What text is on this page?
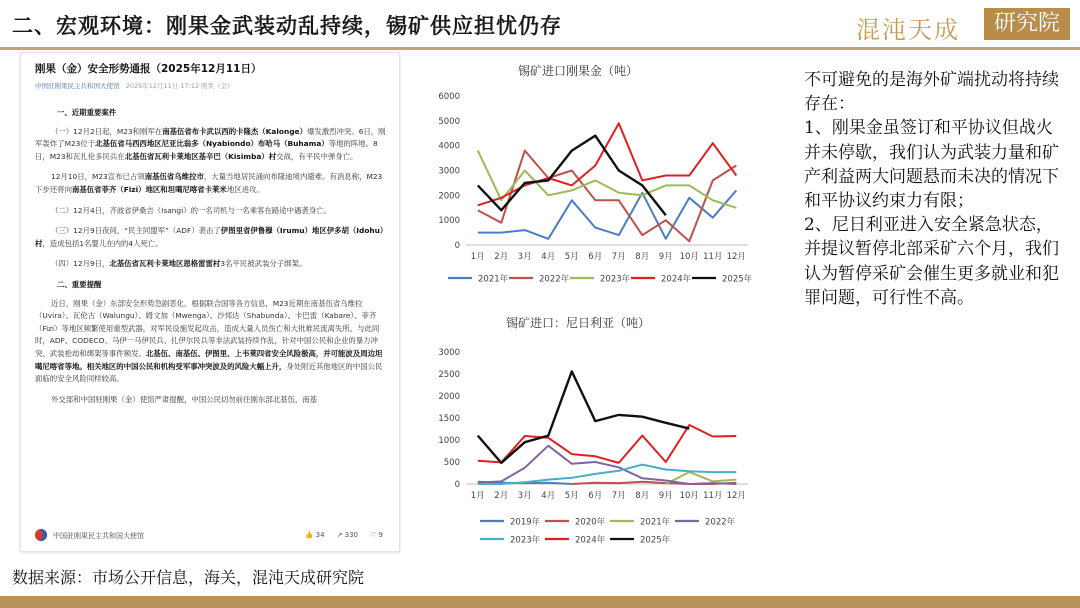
二、宏观环境：刚果金武装动乱持续，锡矿供应担忧仍存	混沌天成	研究院
刚果（金）安全形势通报（2025年12月11日）
中国驻刚果民主共和国大使馆 2025年12月11日 17:12 刚果（金）
一、近期重要案件

（一）12月2日起，M23和刚军在南基伍省布卡武以西的卡隆杰（Kalonge）爆发激烈冲突。6日，刚军轰炸了M23位于北基伍省马西西地区尼亚比翁多（Nyabiondo）布哈马（Buhama）等地的阵地。8日，M23和瓦扎伦多民兵在北基伍省瓦利卡莱地区基辛巴（Kisimba）村交战，有平民中弹身亡。

12月10日，M23宣布已占领南基伍省乌维拉市，大量当地居民涌向布隆迪境内避难。有消息称，M23下步还将向南基伍省菲齐（Fizi）地区和坦噶尼喀省卡莱米地区进攻。

（二）12月4日，齐波省伊桑吉（Isangi）的一名司机与一名乘客在路途中遇袭身亡。

（三）12月9日夜间，“民主同盟军”（ADF）袭击了伊图里省伊鲁穆（Irumu）地区伊多胡（Idohu）村，造成包括1名婴儿在内的4人死亡。

（四）12月9日，北基伍省瓦利卡莱地区恩格雷雷村3名平民被武装分子绑架。

二、重要提醒

近日，刚果（金）东部安全形势急剧恶化。根据联合国等各方信息，M23近期在南基伍省乌维拉（Uvira）、瓦伦古（Walungu）、姆文加（Mwenga）、沙邦达（Shabunda）、卡巴雷（Kabare）、菲齐（Fizi）等地区频繁使用重型武器，对军民设施发起攻击，造成大量人员伤亡和大批难民流离失所。与此同时，ADF、CODECO、马伊一马伊民兵、扎伊尔民兵等非法武装持续作乱，针对中国公民和企业的暴力冲突、武装抢劫和绑架等事件频发。北基伍、南基伍、伊图里、上韦莱四省安全风险极高，并可能波及周边坦噶尼喀省等地。相关地区的中国公民和机构受军事冲突波及的风险大幅上升，身处附近其他地区的中国公民面临的安全风险同样较高。

外交部和中国驻刚果（金）使馆严肃提醒，中国公民切勿前往刚东部北基伍、南基

中国驻刚果民主共和国大使馆	👍 34 ↗ 330 ♡ 9
锡矿进口刚果金（吨）
0
1000
2000
3000
4000
5000
6000
1月 2月 3月 4月 5月 6月 7月 8月 9月 10月 11月 12月
2021年	2022年	2023年	2024年	2025年
锡矿进口：尼日利亚（吨）
0
500
1000
1500
2000
2500
3000
1月 2月 3月 4月 5月 6月 7月 8月 9月 10月 11月 12月
2019年	2020年	2021年	2022年
2023年	2024年	2025年
不可避免的是海外矿端扰动将持续存在：
1、刚果金虽签订和平协议但战火并未停歇，我们认为武装力量和矿产利益两大问题悬而未决的情况下和平协议约束力有限；
2、尼日利亚进入安全紧急状态，并提议暂停北部采矿六个月，我们认为暂停采矿会催生更多就业和犯罪问题，可行性不高。
数据来源：市场公开信息，海关，混沌天成研究院
